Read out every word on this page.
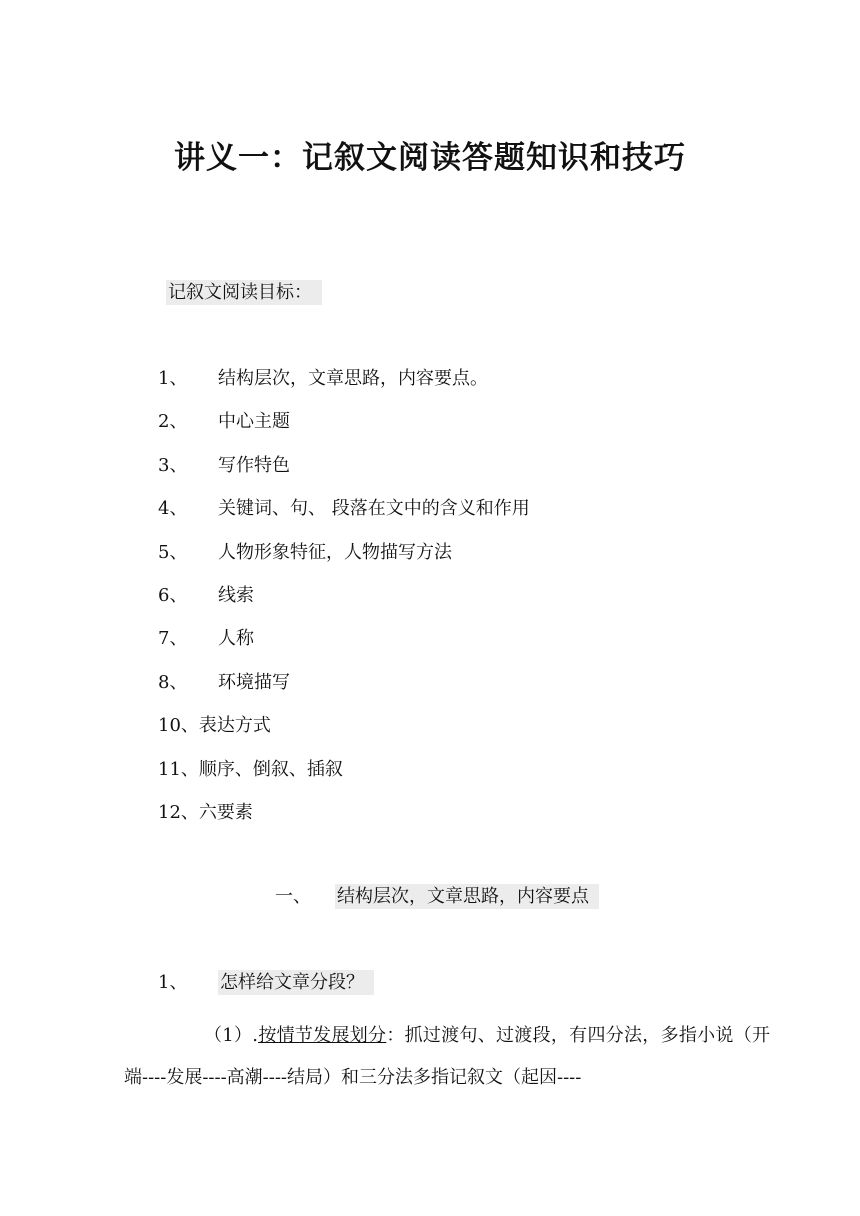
讲义一：记叙文阅读答题知识和技巧
记叙文阅读目标：
1、 结构层次，文章思路，内容要点。
2、 中心主题
3、 写作特色
4、 关键词、句、 段落在文中的含义和作用
5、 人物形象特征，人物描写方法
6、 线索
7、 人称
8、 环境描写
10、表达方式
11、顺序、倒叙、插叙
12、六要素
一、 结构层次，文章思路，内容要点
1、 怎样给文章分段？

（1）.按情节发展划分：抓过渡句、过渡段，有四分法，多指小说（开端----发展----高潮----结局）和三分法多指记叙文（起因----
